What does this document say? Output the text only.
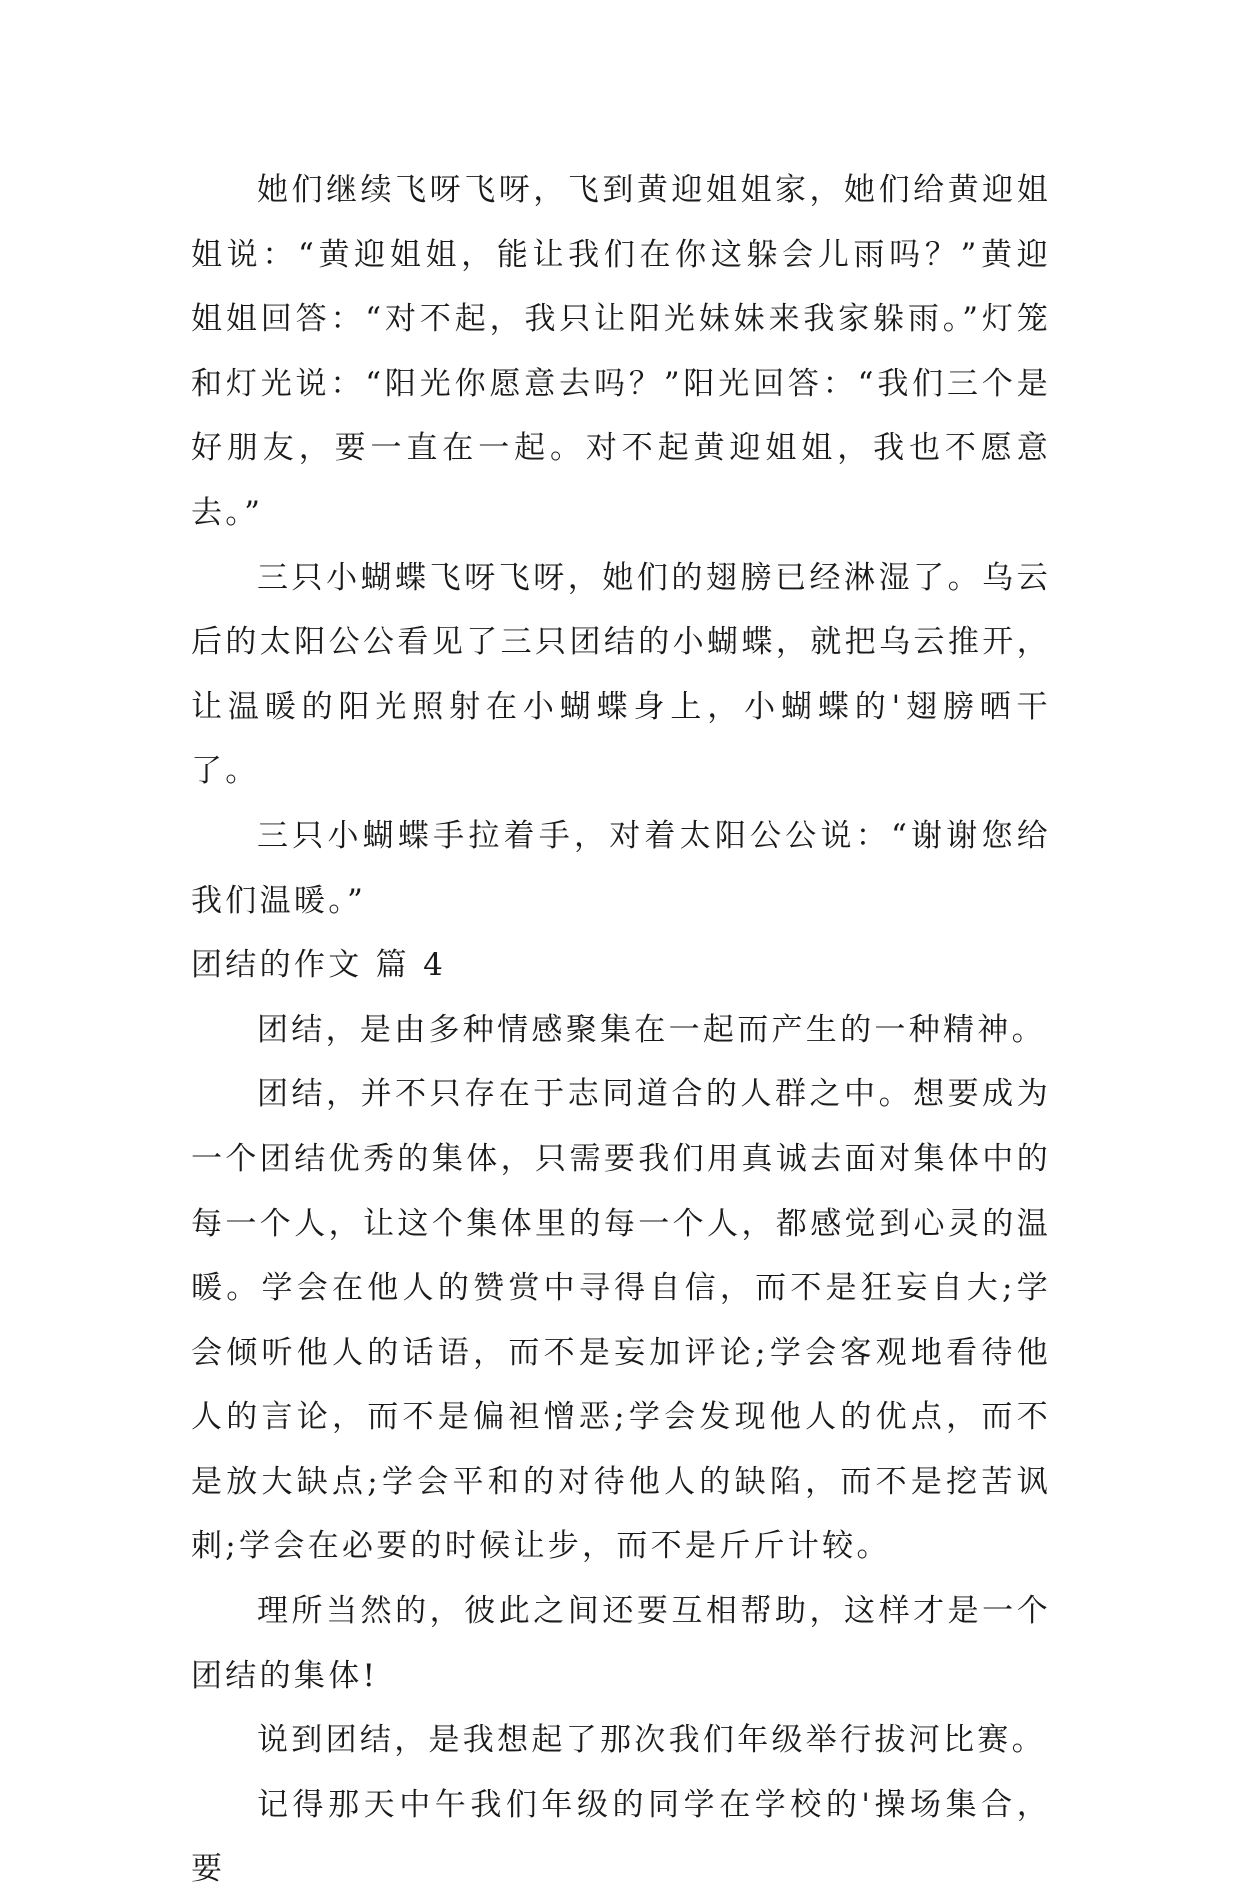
她们继续飞呀飞呀，飞到黄迎姐姐家，她们给黄迎姐姐说：“黄迎姐姐，能让我们在你这躲会儿雨吗？”黄迎姐姐回答：“对不起，我只让阳光妹妹来我家躲雨。”灯笼和灯光说：“阳光你愿意去吗？”阳光回答：“我们三个是好朋友，要一直在一起。对不起黄迎姐姐，我也不愿意去。”

三只小蝴蝶飞呀飞呀，她们的翅膀已经淋湿了。乌云后的太阳公公看见了三只团结的小蝴蝶，就把乌云推开，让温暖的阳光照射在小蝴蝶身上，小蝴蝶的'翅膀晒干了。

三只小蝴蝶手拉着手，对着太阳公公说：“谢谢您给我们温暖。”

团结的作文 篇 4

团结，是由多种情感聚集在一起而产生的一种精神。

团结，并不只存在于志同道合的人群之中。想要成为一个团结优秀的集体，只需要我们用真诚去面对集体中的每一个人，让这个集体里的每一个人，都感觉到心灵的温暖。学会在他人的赞赏中寻得自信，而不是狂妄自大;学会倾听他人的话语，而不是妄加评论;学会客观地看待他人的言论，而不是偏袒憎恶;学会发现他人的优点，而不是放大缺点;学会平和的对待他人的缺陷，而不是挖苦讽刺;学会在必要的时候让步，而不是斤斤计较。

理所当然的，彼此之间还要互相帮助，这样才是一个团结的集体!

说到团结，是我想起了那次我们年级举行拔河比赛。

记得那天中午我们年级的同学在学校的'操场集合，要
